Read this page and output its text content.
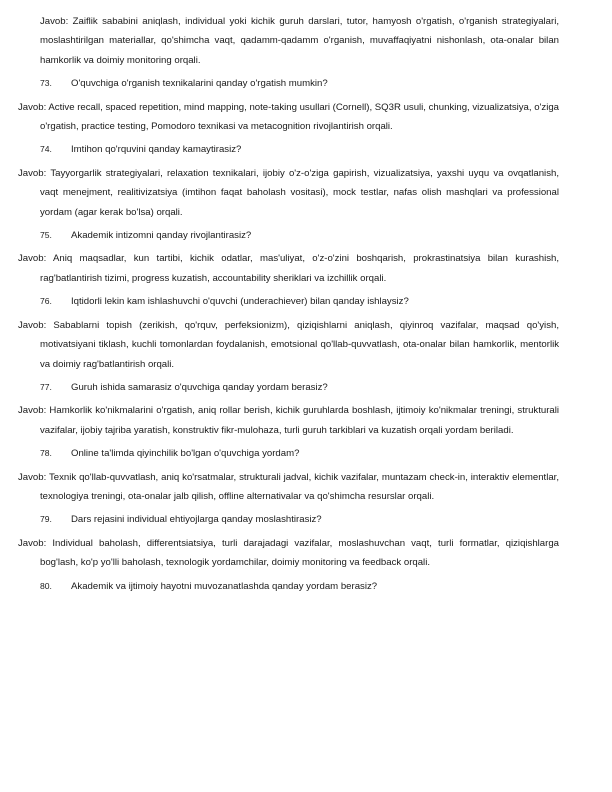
Javob: Zaiflik sababini aniqlash, individual yoki kichik guruh darslari, tutor, hamyosh o'rgatish, o'rganish strategiyalari, moslashtirilgan materiallar, qo'shimcha vaqt, qadamm-qadamm o'rganish, muvaffaqiyatni nishonlash, ota-onalar bilan hamkorlik va doimiy monitoring orqali.

73.	O'quvchiga o'rganish texnikalarini qanday o'rgatish mumkin?

Javob: Active recall, spaced repetition, mind mapping, note-taking usullari (Cornell), SQ3R usuli, chunking, vizualizatsiya, o'ziga o'rgatish, practice testing, Pomodoro texnikasi va metacognition rivojlantirish orqali.

74.	Imtihon qo'rquvini qanday kamaytirasiz?

Javob: Tayyorgarlik strategiyalari, relaxation texnikalari, ijobiy o'z-o'ziga gapirish, vizualizatsiya, yaxshi uyqu va ovqatlanish, vaqt menejment, realitivizatsiya (imtihon faqat baholash vositasi), mock testlar, nafas olish mashqlari va professional yordam (agar kerak bo'lsa) orqali.

75.	Akademik intizomni qanday rivojlantirasiz?

Javob: Aniq maqsadlar, kun tartibi, kichik odatlar, mas'uliyat, o'z-o'zini boshqarish, prokrastinatsiya bilan kurashish, rag'batlantirish tizimi, progress kuzatish, accountability sheriklari va izchillik orqali.

76.	Iqtidorli lekin kam ishlashuvchi o'quvchi (underachiever) bilan qanday ishlaysiz?

Javob: Sabablarni topish (zerikish, qo'rquv, perfeksionizm), qiziqishlarni aniqlash, qiyinroq vazifalar, maqsad qo'yish, motivatsiyani tiklash, kuchli tomonlardan foydalanish, emotsional qo'llab-quvvatlash, ota-onalar bilan hamkorlik, mentorlik va doimiy rag'batlantirish orqali.

77.	Guruh ishida samarasiz o'quvchiga qanday yordam berasiz?

Javob: Hamkorlik ko'nikmalarini o'rgatish, aniq rollar berish, kichik guruhlarda boshlash, ijtimoiy ko'nikmalar treningi, strukturali vazifalar, ijobiy tajriba yaratish, konstruktiv fikr-mulohaza, turli guruh tarkiblari va kuzatish orqali yordam beriladi.

78.	Online ta'limda qiyinchilik bo'lgan o'quvchiga yordam?

Javob: Texnik qo'llab-quvvatlash, aniq ko'rsatmalar, strukturali jadval, kichik vazifalar, muntazam check-in, interaktiv elementlar, texnologiya treningi, ota-onalar jalb qilish, offline alternativalar va qo'shimcha resurslar orqali.

79.	Dars rejasini individual ehtiyojlarga qanday moslashtirasiz?

Javob: Individual baholash, differentsiatsiya, turli darajadagi vazifalar, moslashuvchan vaqt, turli formatlar, qiziqishlarga bog'lash, ko'p yo'lli baholash, texnologik yordamchilar, doimiy monitoring va feedback orqali.

80.	Akademik va ijtimoiy hayotni muvozanatlashda qanday yordam berasiz?
